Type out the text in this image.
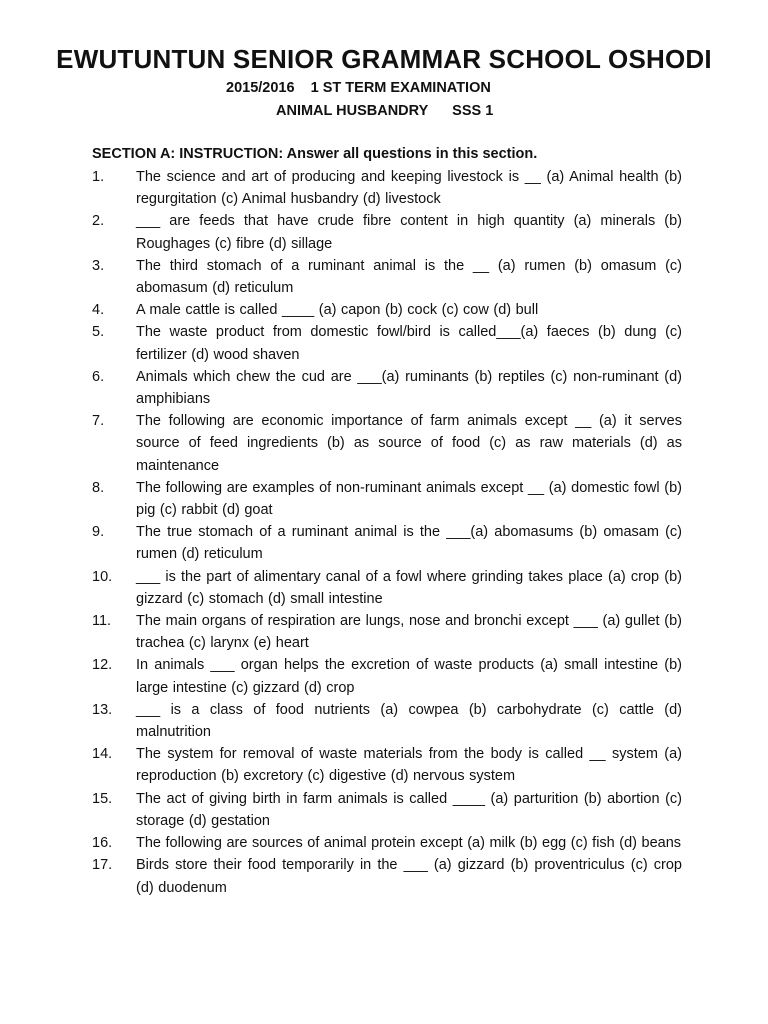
EWUTUNTUN SENIOR GRAMMAR SCHOOL OSHODI
2015/2016    1 ST TERM EXAMINATION
ANIMAL HUSBANDRY      SSS 1
SECTION A: INSTRUCTION: Answer all questions in this section.
1.	The science and art of producing and keeping livestock is __ (a) Animal health (b) regurgitation (c) Animal husbandry (d) livestock
2.	___ are feeds that have crude fibre content in high quantity (a) minerals (b) Roughages (c) fibre (d) sillage
3.	The third stomach of a ruminant animal is the __ (a) rumen (b) omasum (c) abomasum (d) reticulum
4.	A male cattle is called ____ (a) capon (b) cock (c) cow (d) bull
5.	The waste product from domestic fowl/bird is called___(a) faeces (b) dung (c) fertilizer (d) wood shaven
6.	Animals which chew the cud are ___(a) ruminants (b) reptiles (c) non-ruminant (d) amphibians
7.	The following are economic importance of farm animals except __ (a) it serves source of feed ingredients (b) as source of food (c) as raw materials (d) as maintenance
8.	The following are examples of non-ruminant animals except __ (a) domestic fowl (b) pig (c) rabbit (d) goat
9.	The true stomach of a ruminant animal is the ___(a) abomasums (b) omasam (c) rumen (d) reticulum
10.	___ is the part of alimentary canal of a fowl where grinding takes place (a) crop (b) gizzard (c) stomach (d) small intestine
11.	The main organs of respiration are lungs, nose and bronchi except ___ (a) gullet (b) trachea (c) larynx (e) heart
12.	In animals ___ organ helps the excretion of waste products (a) small intestine (b) large intestine (c) gizzard (d) crop
13.	___ is a class of food nutrients (a) cowpea (b) carbohydrate (c) cattle (d) malnutrition
14.	The system for removal of waste materials from the body is called __ system (a) reproduction (b) excretory (c) digestive (d) nervous system
15.	The act of giving birth in farm animals is called ____ (a) parturition (b) abortion (c) storage (d) gestation
16.	The following are sources of animal protein except (a) milk (b) egg (c) fish (d) beans
17.	Birds store their food temporarily in the ___ (a) gizzard (b) proventriculus (c) crop (d) duodenum
